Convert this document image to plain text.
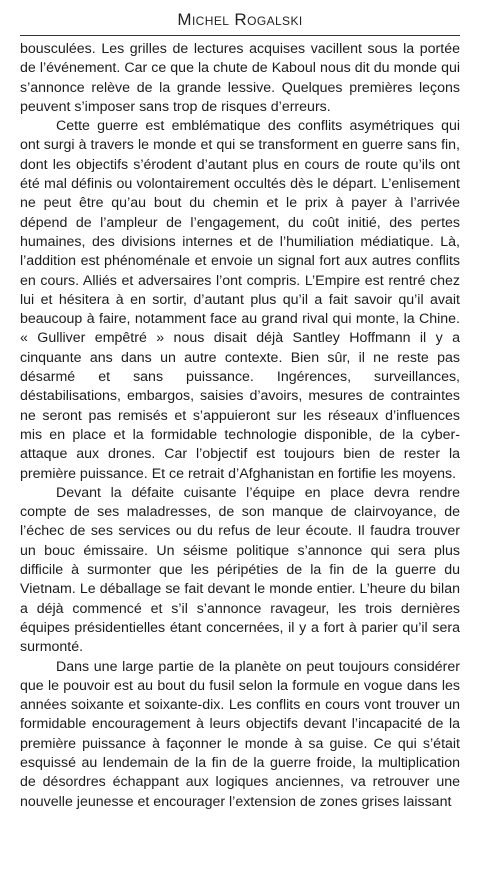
Michel Rogalski

bousculées. Les grilles de lectures acquises vacillent sous la portée de l’événement. Car ce que la chute de Kaboul nous dit du monde qui s’annonce relève de la grande lessive. Quelques premières leçons peuvent s’imposer sans trop de risques d’erreurs.

Cette guerre est emblématique des conflits asymétriques qui ont surgi à travers le monde et qui se transforment en guerre sans fin, dont les objectifs s’érodent d’autant plus en cours de route qu’ils ont été mal définis ou volontairement occultés dès le départ. L’enlisement ne peut être qu’au bout du chemin et le prix à payer à l’arrivée dépend de l’ampleur de l’engagement, du coût initié, des pertes humaines, des divisions internes et de l’humiliation médiatique. Là, l’addition est phénoménale et envoie un signal fort aux autres conflits en cours. Alliés et adversaires l’ont compris. L’Empire est rentré chez lui et hésitera à en sortir, d’autant plus qu’il a fait savoir qu’il avait beaucoup à faire, notamment face au grand rival qui monte, la Chine. « Gulliver empêtré » nous disait déjà Santley Hoffmann il y a cinquante ans dans un autre contexte. Bien sûr, il ne reste pas désarmé et sans puissance. Ingérences, surveillances, déstabilisations, embargos, saisies d’avoirs, mesures de contraintes ne seront pas remisés et s’appuieront sur les réseaux d’influences mis en place et la formidable technologie disponible, de la cyber-attaque aux drones. Car l’objectif est toujours bien de rester la première puissance. Et ce retrait d’Afghanistan en fortifie les moyens.

Devant la défaite cuisante l’équipe en place devra rendre compte de ses maladresses, de son manque de clairvoyance, de l’échec de ses services ou du refus de leur écoute. Il faudra trouver un bouc émissaire. Un séisme politique s’annonce qui sera plus difficile à surmonter que les péripéties de la fin de la guerre du Vietnam. Le déballage se fait devant le monde entier. L’heure du bilan a déjà commencé et s’il s’annonce ravageur, les trois dernières équipes présidentielles étant concernées, il y a fort à parier qu’il sera surmonté.

Dans une large partie de la planète on peut toujours considérer que le pouvoir est au bout du fusil selon la formule en vogue dans les années soixante et soixante-dix. Les conflits en cours vont trouver un formidable encouragement à leurs objectifs devant l’incapacité de la première puissance à façonner le monde à sa guise. Ce qui s’était esquissé au lendemain de la fin de la guerre froide, la multiplication de désordres échappant aux logiques anciennes, va retrouver une nouvelle jeunesse et encourager l’extension de zones grises laissant
